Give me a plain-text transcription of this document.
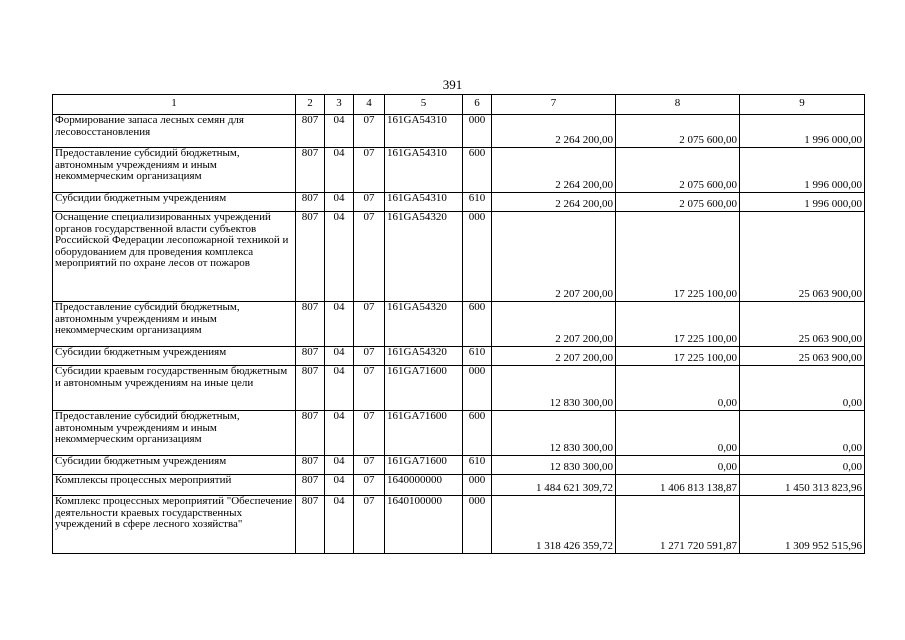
391
1	2	3	4	5	6	7	8	9
Формирование запаса лесных семян для лесовосстановления	807	04	07	161GA54310	000	2 264 200,00	2 075 600,00	1 996 000,00
Предоставление субсидий бюджетным, автономным учреждениям и иным некоммерческим организациям	807	04	07	161GA54310	600	2 264 200,00	2 075 600,00	1 996 000,00
Субсидии бюджетным учреждениям	807	04	07	161GA54310	610	2 264 200,00	2 075 600,00	1 996 000,00
Оснащение специализированных учреждений органов государственной власти субъектов Российской Федерации лесопожарной техникой и оборудованием для проведения комплекса мероприятий по охране лесов от пожаров	807	04	07	161GA54320	000	2 207 200,00	17 225 100,00	25 063 900,00
Предоставление субсидий бюджетным, автономным учреждениям и иным некоммерческим организациям	807	04	07	161GA54320	600	2 207 200,00	17 225 100,00	25 063 900,00
Субсидии бюджетным учреждениям	807	04	07	161GA54320	610	2 207 200,00	17 225 100,00	25 063 900,00
Субсидии краевым государственным бюджетным и автономным учреждениям на иные цели	807	04	07	161GA71600	000	12 830 300,00	0,00	0,00
Предоставление субсидий бюджетным, автономным учреждениям и иным некоммерческим организациям	807	04	07	161GA71600	600	12 830 300,00	0,00	0,00
Субсидии бюджетным учреждениям	807	04	07	161GA71600	610	12 830 300,00	0,00	0,00
Комплексы процессных мероприятий	807	04	07	1640000000	000	1 484 621 309,72	1 406 813 138,87	1 450 313 823,96
Комплекс процессных мероприятий "Обеспечение деятельности краевых государственных учреждений в сфере лесного хозяйства"	807	04	07	1640100000	000	1 318 426 359,72	1 271 720 591,87	1 309 952 515,96
